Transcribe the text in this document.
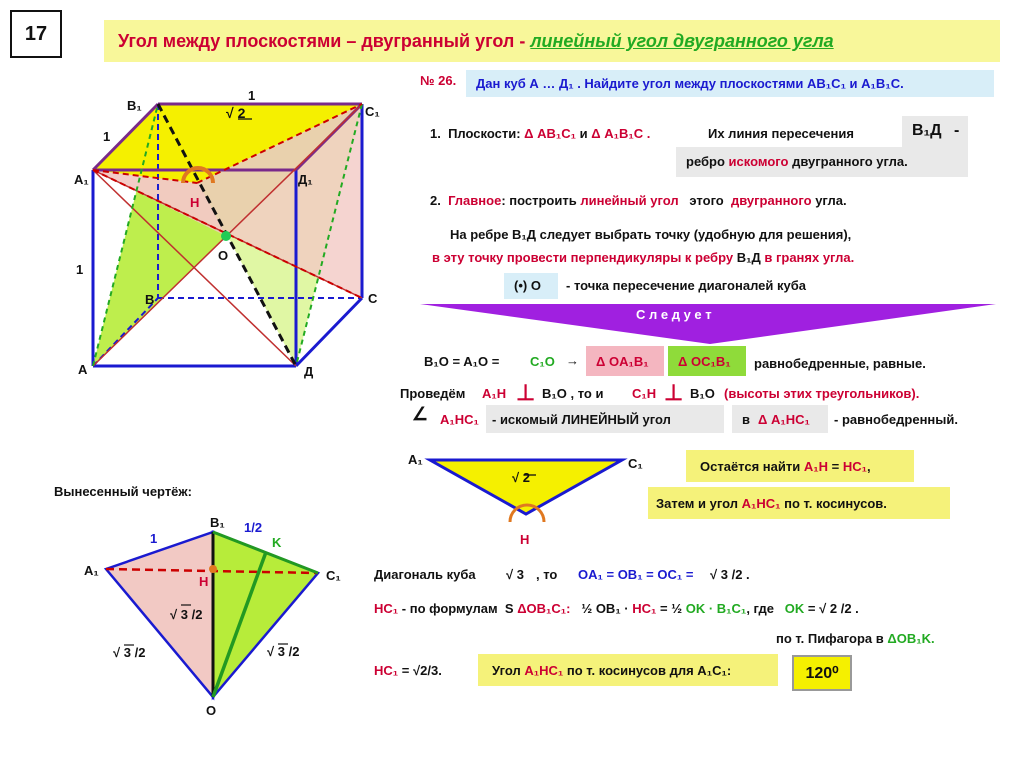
17	Угол между плоскостями – двугранный угол - линейный угол двугранного угла
№ 26. Дан куб А … Д₁ . Найдите угол между плоскостями AB₁C₁ и A₁B₁C.
√ 2
B₁	C₁
A₁	Д₁
B	C
A	Д
H
O
1
1
1
1. Плоскости: Δ AB₁C₁ и Δ A₁B₁C .	Их линия пересечения	B₁Д -
ребро искомого двугранного угла.
2. Главное: построить линейный угол этого двугранного угла.
На ребре B₁Д следует выбрать точку (удобную для решения),
в эту точку провести перпендикуляры к ребру B₁Д в гранях угла.
(•) О - точка пересечение диагоналей куба
С л е д у е т
B₁O = A₁O = C₁O → Δ OA₁B₁ Δ OC₁B₁ равнобедренные, равные.
Проведём A₁H ⊥ B₁O , то и C₁H ⊥ B₁O (высоты этих треугольников).
∠ A₁HC₁ - искомый ЛИНЕЙНЫЙ угол	в Δ A₁HC₁ - равнобедренный.
A₁	C₁
H
√ 2
Остаётся найти A₁H = HC₁,
Затем и угол A₁HC₁ по т. косинусов.
Вынесенный чертёж:
A₁
B₁
C₁
K
H
O
1
1/2
√ 3 /2
√ 3 /2	√ 3 /2
Диагональ куба √ 3 , то OA₁ = OB₁ = OC₁ = √ 3 /2 .
HC₁ - по формулам S ΔOB₁C₁: ½ OB₁ · HC₁ = ½ OK · B₁C₁, где OK = √ 2 /2 .
по т. Пифагора в ΔOB₁K.
HC₁ = √2/3.	Угол A₁HC₁ по т. косинусов для A₁C₁:	120⁰
